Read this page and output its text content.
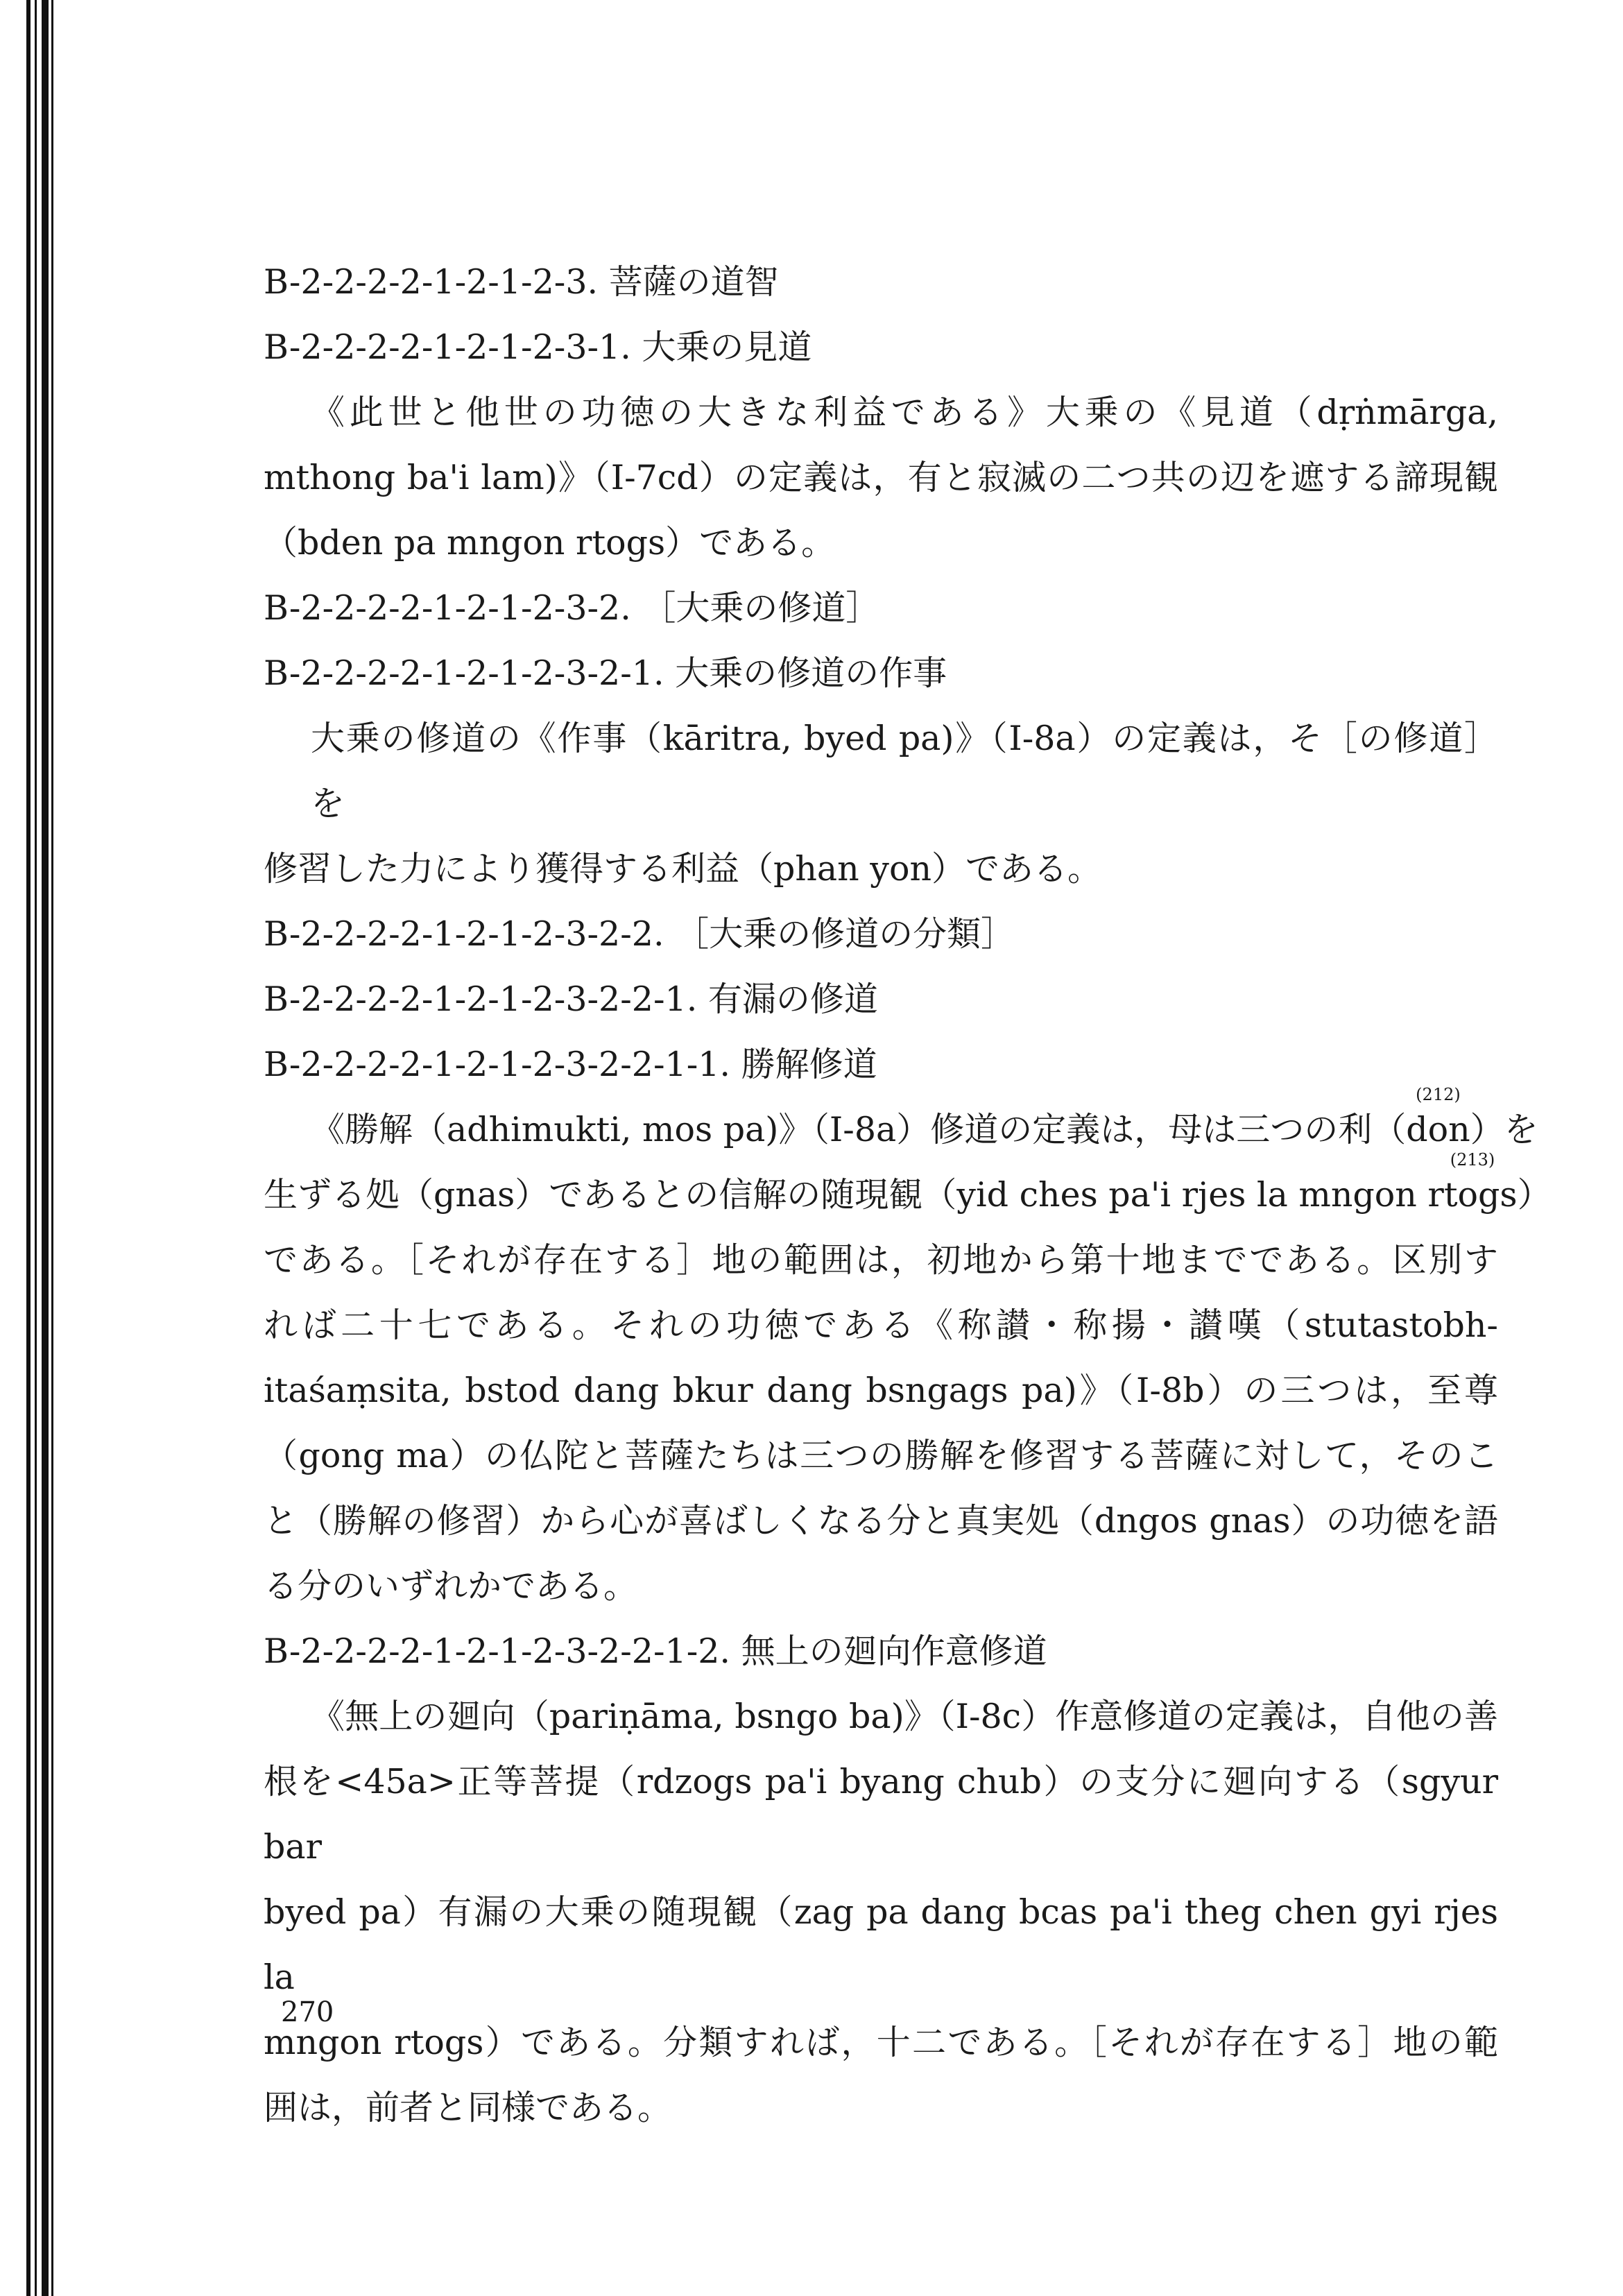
B-2-2-2-2-1-2-1-2-3. 菩薩の道智

B-2-2-2-2-1-2-1-2-3-1. 大乗の見道

《此世と他世の功徳の大きな利益である》大乗の《見道（dṛṅmārga,

mthong ba'i lam)》（I-7cd）の定義は，有と寂滅の二つ共の辺を遮する諦現観

（bden pa mngon rtogs）である。

B-2-2-2-2-1-2-1-2-3-2. ［大乗の修道］

B-2-2-2-2-1-2-1-2-3-2-1. 大乗の修道の作事

大乗の修道の《作事（kāritra, byed pa)》（I-8a）の定義は，そ［の修道］を

修習した力により獲得する利益（phan yon）である。

B-2-2-2-2-1-2-1-2-3-2-2. ［大乗の修道の分類］

B-2-2-2-2-1-2-1-2-3-2-2-1. 有漏の修道

B-2-2-2-2-1-2-1-2-3-2-2-1-1. 勝解修道

《勝解（adhimukti, mos pa)》（I-8a）修道の定義は，母は三つの利（
(212)
don）を

生ずる処（gnas）であるとの信解の随現観（yid ches pa'i rjes la mngon
(213)
rtogs）

である。［それが存在する］地の範囲は，初地から第十地までである。区別す

れば二十七である。それの功徳である《称讃・称揚・讃嘆（stutastobh-

itaśaṃsita, bstod dang bkur dang bsngags pa)》（I-8b）の三つは，至尊

（gong ma）の仏陀と菩薩たちは三つの勝解を修習する菩薩に対して，そのこ

と（勝解の修習）から心が喜ばしくなる分と真実処（dngos gnas）の功徳を語

る分のいずれかである。

B-2-2-2-2-1-2-1-2-3-2-2-1-2. 無上の廻向作意修道

《無上の廻向（pariṇāma, bsngo ba)》（I-8c）作意修道の定義は，自他の善

根を<45a>正等菩提（rdzogs pa'i byang chub）の支分に廻向する（sgyur bar

byed pa）有漏の大乗の随現観（zag pa dang bcas pa'i theg chen gyi rjes la

mngon rtogs）である。分類すれば，十二である。［それが存在する］地の範

囲は，前者と同様である。

270
